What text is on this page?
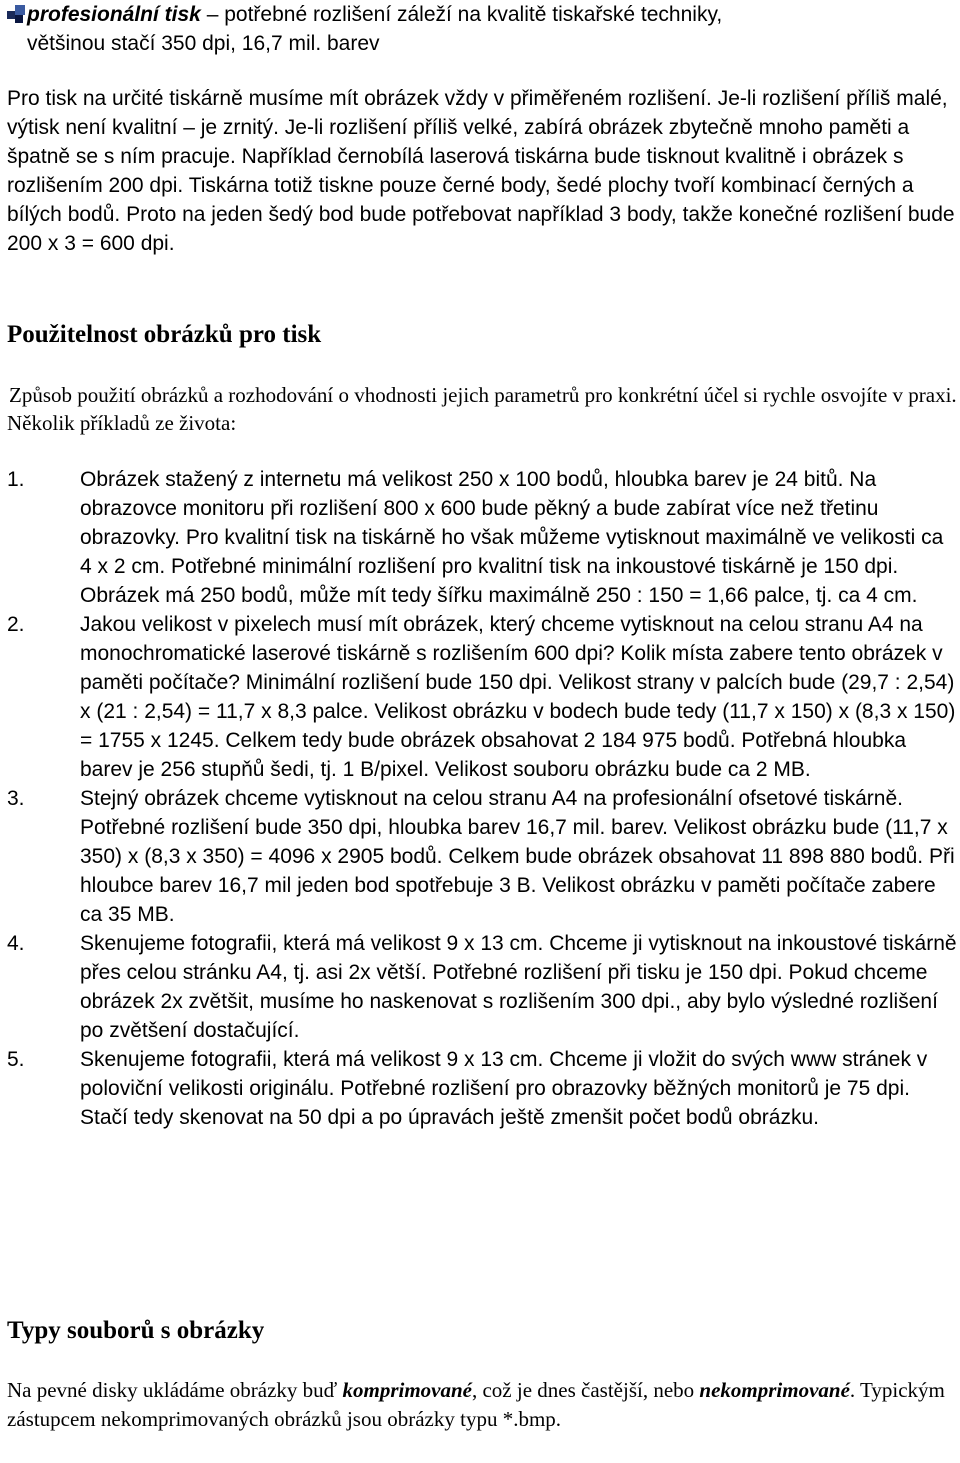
profesionální tisk – potřebné rozlišení záleží na kvalitě tiskařské techniky,
většinou stačí 350 dpi, 16,7 mil. barev

Pro tisk na určité tiskárně musíme mít obrázek vždy v přiměřeném rozlišení. Je-li rozlišení příliš malé, výtisk není kvalitní – je zrnitý. Je-li rozlišení příliš velké, zabírá obrázek zbytečně mnoho paměti a špatně se s ním pracuje. Například černobílá laserová tiskárna bude tisknout kvalitně i obrázek s rozlišením 200 dpi. Tiskárna totiž tiskne pouze černé body, šedé plochy tvoří kombinací černých a bílých bodů. Proto na jeden šedý bod bude potřebovat například 3 body, takže konečné rozlišení bude 200 x 3 = 600 dpi.

Použitelnost obrázků pro tisk

Způsob použití obrázků a rozhodování o vhodnosti jejich parametrů pro konkrétní účel si rychle osvojíte v praxi. Několik příkladů ze života:

1.	Obrázek stažený z internetu má velikost 250 x 100 bodů, hloubka barev je 24 bitů. Na obrazovce monitoru při rozlišení 800 x 600 bude pěkný a bude zabírat více než třetinu obrazovky. Pro kvalitní tisk na tiskárně ho však můžeme vytisknout maximálně ve velikosti ca 4 x 2 cm. Potřebné minimální rozlišení pro kvalitní tisk na inkoustové tiskárně je 150 dpi. Obrázek má 250 bodů, může mít tedy šířku maximálně 250 : 150 = 1,66 palce, tj. ca 4 cm.
2.	Jakou velikost v pixelech musí mít obrázek, který chceme vytisknout na celou stranu A4 na monochromatické laserové tiskárně s rozlišením 600 dpi? Kolik místa zabere tento obrázek v paměti počítače? Minimální rozlišení bude 150 dpi. Velikost strany v palcích bude (29,7 : 2,54) x (21 : 2,54) = 11,7 x 8,3 palce. Velikost obrázku v bodech bude tedy (11,7 x 150) x (8,3 x 150) = 1755 x 1245. Celkem tedy bude obrázek obsahovat 2 184 975 bodů. Potřebná hloubka barev je 256 stupňů šedi, tj. 1 B/pixel. Velikost souboru obrázku bude ca 2 MB.
3.	Stejný obrázek chceme vytisknout na celou stranu A4 na profesionální ofsetové tiskárně. Potřebné rozlišení bude 350 dpi, hloubka barev 16,7 mil. barev. Velikost obrázku bude (11,7 x 350) x (8,3 x 350) = 4096 x 2905 bodů. Celkem bude obrázek obsahovat 11 898 880 bodů. Při hloubce barev 16,7 mil jeden bod spotřebuje 3 B. Velikost obrázku v paměti počítače zabere ca 35 MB.
4.	Skenujeme fotografii, která má velikost 9 x 13 cm. Chceme ji vytisknout na inkoustové tiskárně přes celou stránku A4, tj. asi 2x větší. Potřebné rozlišení při tisku je 150 dpi. Pokud chceme obrázek 2x zvětšit, musíme ho naskenovat s rozlišením 300 dpi., aby bylo výsledné rozlišení po zvětšení dostačující.
5.	Skenujeme fotografii, která má velikost 9 x 13 cm. Chceme ji vložit do svých www stránek v poloviční velikosti originálu. Potřebné rozlišení pro obrazovky běžných monitorů je 75 dpi. Stačí tedy skenovat na 50 dpi a po úpravách ještě zmenšit počet bodů obrázku.
Typy souborů s obrázky

Na pevné disky ukládáme obrázky buď komprimované, což je dnes častější, nebo nekomprimované. Typickým zástupcem nekomprimovaných obrázků jsou obrázky typu *.bmp.
